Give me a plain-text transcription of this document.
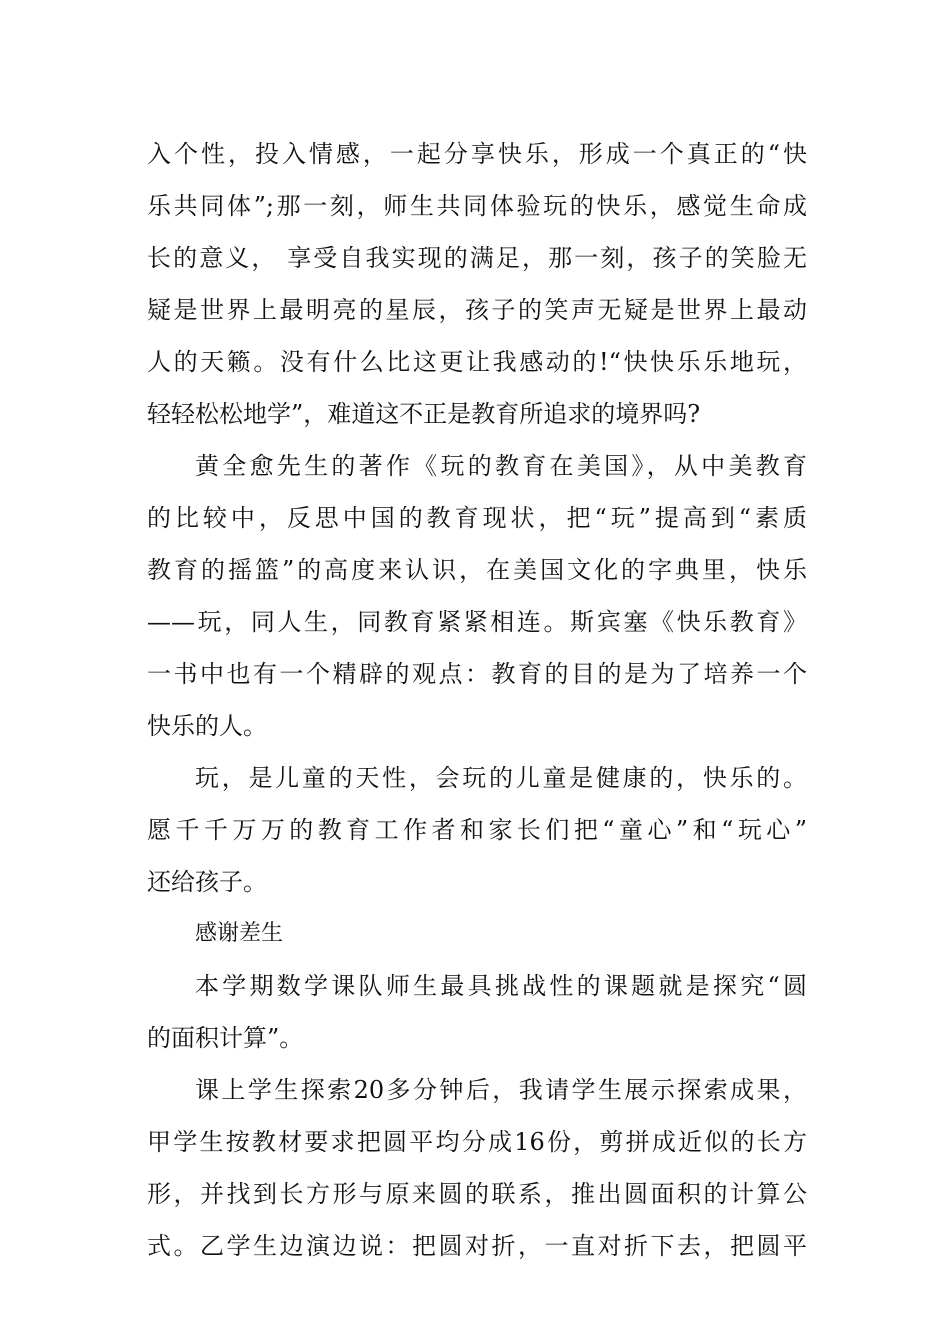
入个性，投入情感，一起分享快乐，形成一个真正的“快
乐共同体”;那一刻，师生共同体验玩的快乐，感觉生命成
长的意义， 享受自我实现的满足，那一刻，孩子的笑脸无
疑是世界上最明亮的星辰，孩子的笑声无疑是世界上最动
人的天籁。没有什么比这更让我感动的!“快快乐乐地玩，
轻轻松松地学”，难道这不正是教育所追求的境界吗?
黄全愈先生的著作《玩的教育在美国》，从中美教育
的比较中，反思中国的教育现状，把“玩”提高到“素质
教育的摇篮”的高度来认识，在美国文化的字典里，快乐
——玩，同人生，同教育紧紧相连。斯宾塞《快乐教育》
一书中也有一个精辟的观点：教育的目的是为了培养一个
快乐的人。
玩，是儿童的天性，会玩的儿童是健康的，快乐的。
愿千千万万的教育工作者和家长们把“童心”和“玩心”
还给孩子。
感谢差生
本学期数学课队师生最具挑战性的课题就是探究“圆
的面积计算”。
课上学生探索20多分钟后，我请学生展示探索成果，
甲学生按教材要求把圆平均分成16份，剪拼成近似的长方
形，并找到长方形与原来圆的联系，推出圆面积的计算公
式。乙学生边演边说：把圆对折，一直对折下去，把圆平
